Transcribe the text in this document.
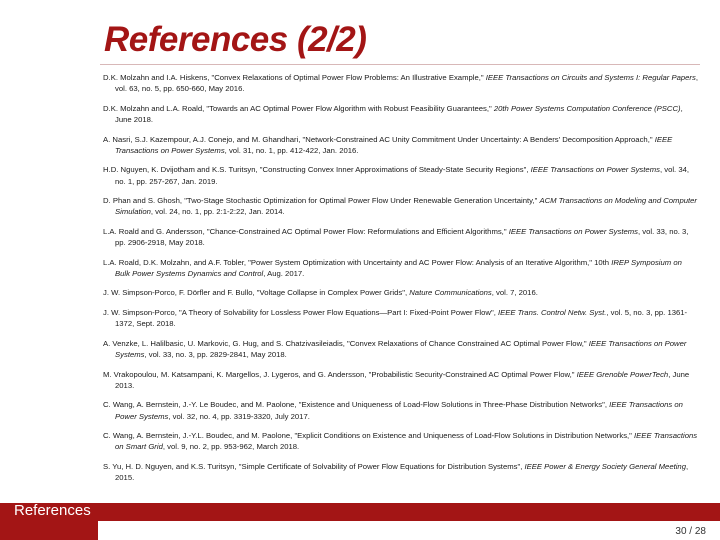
References (2/2)

D.K. Molzahn and I.A. Hiskens, "Convex Relaxations of Optimal Power Flow Problems: An Illustrative Example," IEEE Transactions on Circuits and Systems I: Regular Papers, vol. 63, no. 5, pp. 650-660, May 2016.

D.K. Molzahn and L.A. Roald, "Towards an AC Optimal Power Flow Algorithm with Robust Feasibility Guarantees," 20th Power Systems Computation Conference (PSCC), June 2018.

A. Nasri, S.J. Kazempour, A.J. Conejo, and M. Ghandhari, "Network-Constrained AC Unity Commitment Under Uncertainty: A Benders' Decomposition Approach," IEEE Transactions on Power Systems, vol. 31, no. 1, pp. 412-422, Jan. 2016.

H.D. Nguyen, K. Dvijotham and K.S. Turitsyn, "Constructing Convex Inner Approximations of Steady-State Security Regions", IEEE Transactions on Power Systems, vol. 34, no. 1, pp. 257-267, Jan. 2019.

D. Phan and S. Ghosh, "Two-Stage Stochastic Optimization for Optimal Power Flow Under Renewable Generation Uncertainty," ACM Transactions on Modeling and Computer Simulation, vol. 24, no. 1, pp. 2:1-2:22, Jan. 2014.

L.A. Roald and G. Andersson, "Chance-Constrained AC Optimal Power Flow: Reformulations and Efficient Algorithms," IEEE Transactions on Power Systems, vol. 33, no. 3, pp. 2906-2918, May 2018.

L.A. Roald, D.K. Molzahn, and A.F. Tobler, "Power System Optimization with Uncertainty and AC Power Flow: Analysis of an Iterative Algorithm," 10th IREP Symposium on Bulk Power Systems Dynamics and Control, Aug. 2017.

J. W. Simpson-Porco, F. Dörfler and F. Bullo, "Voltage Collapse in Complex Power Grids", Nature Communications, vol. 7, 2016.

J. W. Simpson-Porco, "A Theory of Solvability for Lossless Power Flow Equations—Part I: Fixed-Point Power Flow", IEEE Trans. Control Netw. Syst., vol. 5, no. 3, pp. 1361-1372, Sept. 2018.

A. Venzke, L. Halilbasic, U. Markovic, G. Hug, and S. Chatzivasileiadis, "Convex Relaxations of Chance Constrained AC Optimal Power Flow," IEEE Transactions on Power Systems, vol. 33, no. 3, pp. 2829-2841, May 2018.

M. Vrakopoulou, M. Katsampani, K. Margellos, J. Lygeros, and G. Andersson, "Probabilistic Security-Constrained AC Optimal Power Flow," IEEE Grenoble PowerTech, June 2013.

C. Wang, A. Bernstein, J.-Y. Le Boudec, and M. Paolone, "Existence and Uniqueness of Load-Flow Solutions in Three-Phase Distribution Networks", IEEE Transactions on Power Systems, vol. 32, no. 4, pp. 3319-3320, July 2017.

C. Wang, A. Bernstein, J.-Y.L. Boudec, and M. Paolone, "Explicit Conditions on Existence and Uniqueness of Load-Flow Solutions in Distribution Networks," IEEE Transactions on Smart Grid, vol. 9, no. 2, pp. 953-962, March 2018.

S. Yu, H. D. Nguyen, and K.S. Turitsyn, "Simple Certificate of Solvability of Power Flow Equations for Distribution Systems", IEEE Power & Energy Society General Meeting, 2015.

References
30 / 28
